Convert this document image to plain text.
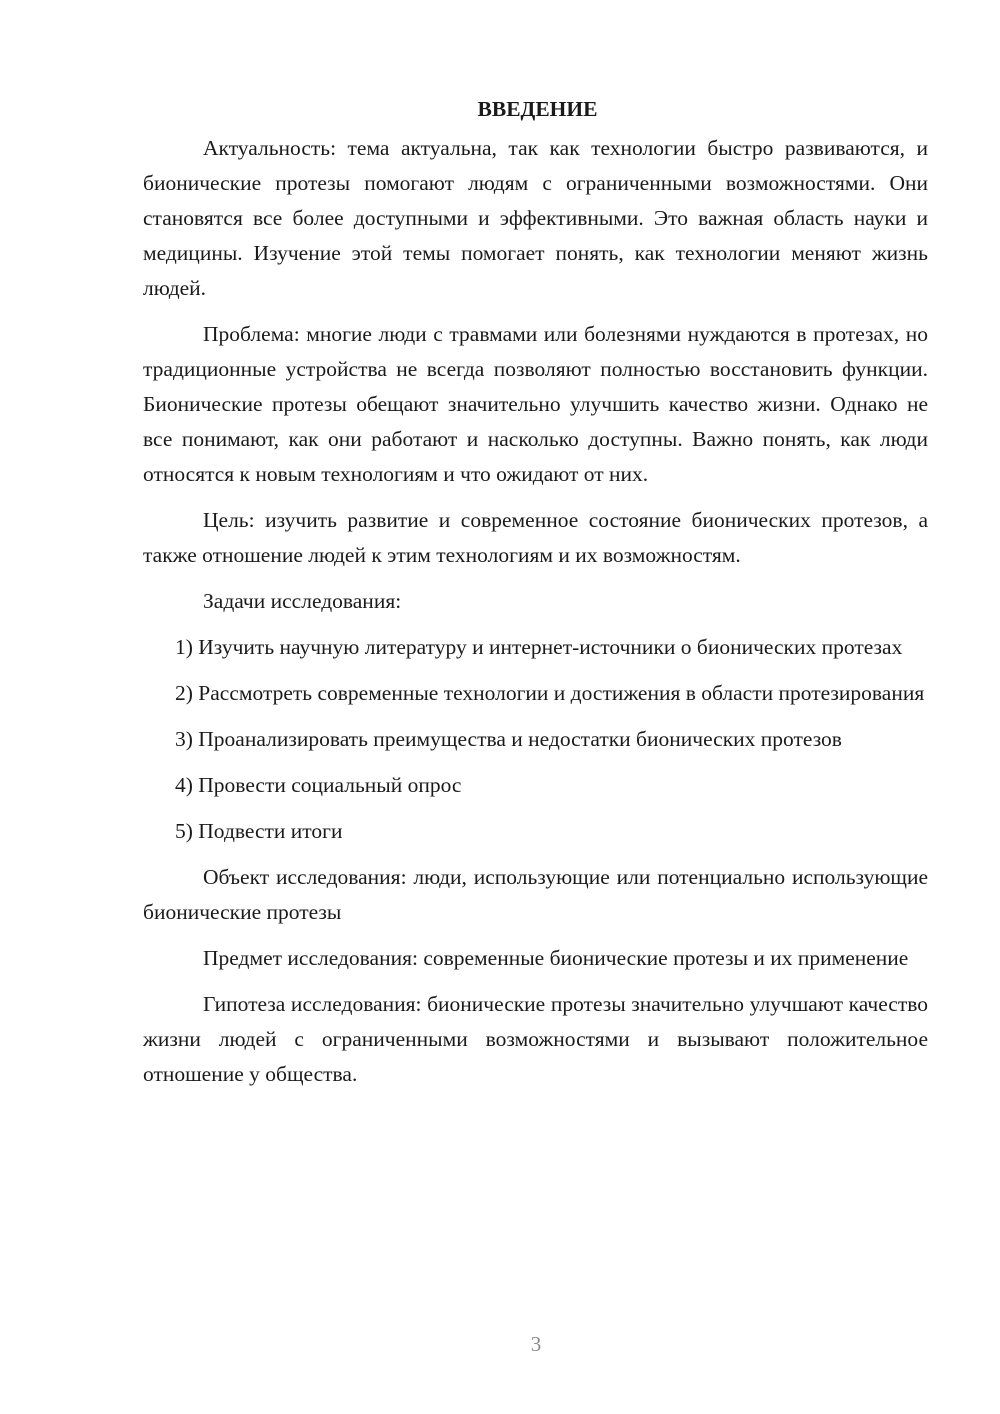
ВВЕДЕНИЕ

Актуальность: тема актуальна, так как технологии быстро развиваются, и бионические протезы помогают людям с ограниченными возможностями. Они становятся все более доступными и эффективными. Это важная область науки и медицины. Изучение этой темы помогает понять, как технологии меняют жизнь людей.

Проблема: многие люди с травмами или болезнями нуждаются в протезах, но традиционные устройства не всегда позволяют полностью восстановить функции. Бионические протезы обещают значительно улучшить качество жизни. Однако не все понимают, как они работают и насколько доступны. Важно понять, как люди относятся к новым технологиям и что ожидают от них.

Цель: изучить развитие и современное состояние бионических протезов, а также отношение людей к этим технологиям и их возможностям.

Задачи исследования:

1) Изучить научную литературу и интернет-источники о бионических протезах

2) Рассмотреть современные технологии и достижения в области протезирования

3) Проанализировать преимущества и недостатки бионических протезов

4) Провести социальный опрос

5) Подвести итоги

Объект исследования: люди, использующие или потенциально использующие бионические протезы

Предмет исследования: современные бионические протезы и их применение

Гипотеза исследования: бионические протезы значительно улучшают качество жизни людей с ограниченными возможностями и вызывают положительное отношение у общества.

3
